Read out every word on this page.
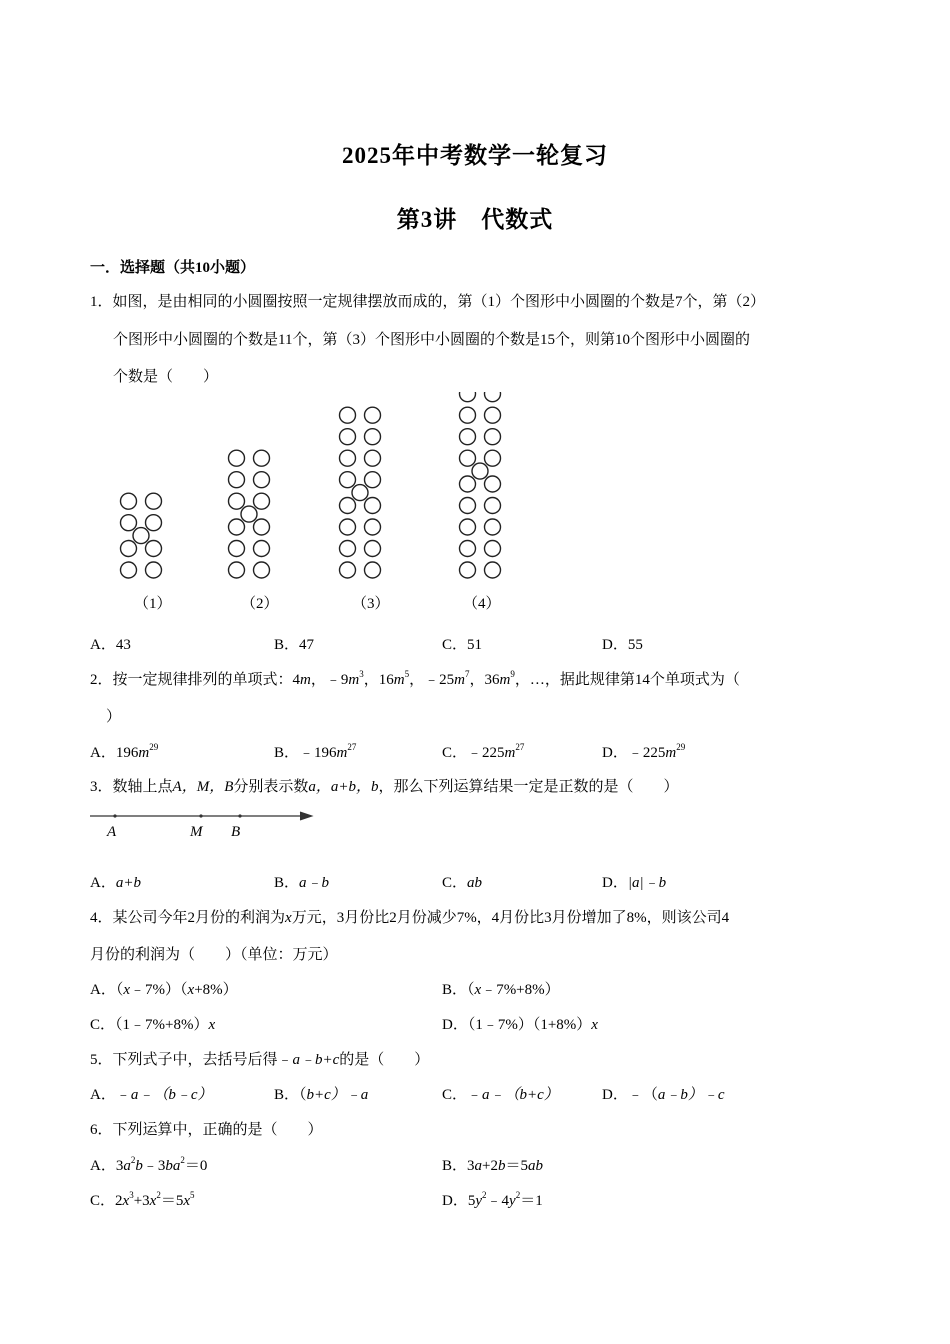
2025年中考数学一轮复习
第3讲　代数式
一．选择题（共10小题）
1．如图，是由相同的小圆圈按照一定规律摆放而成的，第（1）个图形中小圆圈的个数是7个，第（2）
个图形中小圆圈的个数是11个，第（3）个图形中小圆圈的个数是15个，则第10个图形中小圆圈的
个数是（　　）
（1）	（2）	（3）	（4）
A．43	B．47	C．51	D．55
2．按一定规律排列的单项式：4m，$﹣9m^3$，$16m^5$，$﹣25m^7$，$36m^9$，…，据此规律第14个单项式为（
）
A．$196m^{29}$	B．$﹣196m^{27}$	C．$﹣225m^{27}$	D．$﹣225m^{29}$
3．数轴上点A，M，B分别表示数a，a+b，b，那么下列运算结果一定是正数的是（　　）
A	M B
A．a+b	B．a﹣b	C．ab	D．|a|﹣b
4．某公司今年2月份的利润为x万元，3月份比2月份减少7%，4月份比3月份增加了8%，则该公司4
月份的利润为（　　）（单位：万元）
A．（x﹣7%）（x+8%）	B．（x﹣7%+8%）
C．（1﹣7%+8%）x	D．（1﹣7%）（1+8%）x
5．下列式子中，去括号后得﹣a﹣b+c的是（　　）
A．﹣a﹣（b﹣c）	B．（b+c）﹣a	C．﹣a﹣（b+c）	D．﹣（a﹣b）﹣c
6．下列运算中，正确的是（　　）
A．$3a^2b﹣3ba^2=0$	B．3a+2b＝5ab
C．$2x^3+3x^2=5x^5$	D．$5y^2﹣4y^2=1$
